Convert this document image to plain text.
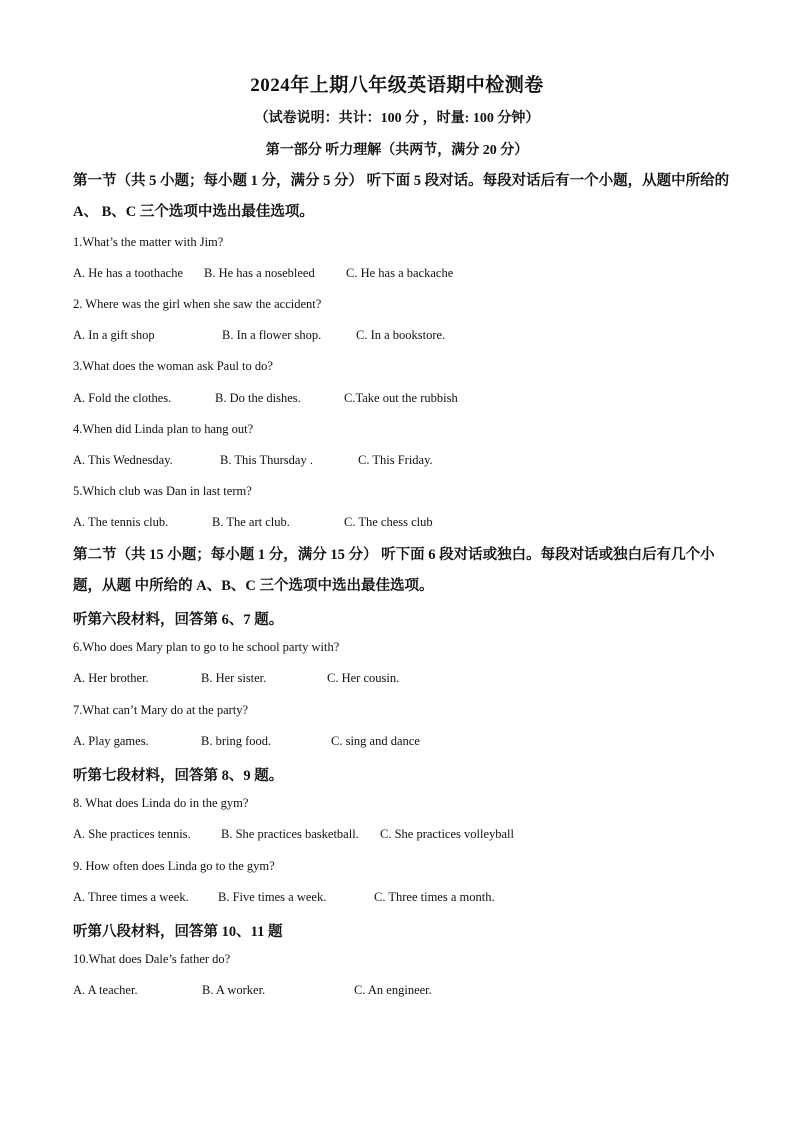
2024年上期八年级英语期中检测卷
（试卷说明：共计：100 分 ，时量: 100 分钟）
第一部分 听力理解（共两节，满分 20 分）
第一节（共 5 小题；每小题 1 分，满分 5 分） 听下面 5 段对话。每段对话后有一个小题，从题中所给的 A、 B、C 三个选项中选出最佳选项。
1.What’s the matter with Jim?
A. He has a toothache B. He has a nosebleed	C. He has a backache
2. Where was the girl when she saw the accident?
A. In a gift shop	B. In a flower shop.	C. In a bookstore.
3.What does the woman ask Paul to do?
A. Fold the clothes.	B. Do the dishes.	C.Take out the rubbish
4.When did Linda plan to hang out?
A. This Wednesday.	B. This Thursday .	C. This Friday.
5.Which club was Dan in last term?
A. The tennis club.	B. The art club.	C. The chess club
第二节（共 15 小题；每小题 1 分，满分 15 分） 听下面 6 段对话或独白。每段对话或独白后有几个小题，从题 中所给的 A、B、C 三个选项中选出最佳选项。
听第六段材料，回答第 6、7 题。
6.Who does Mary plan to go to he school party with?
A. Her brother.	B. Her sister.	C. Her cousin.
7.What can’t Mary do at the party?
A. Play games.	B. bring food.	C. sing and dance
听第七段材料，回答第 8、9 题。
8. What does Linda do in the gym?
A. She practices tennis. B. She practices basketball. C. She practices volleyball
9. How often does Linda go to the gym?
A. Three times a week. B. Five times a week.	C. Three times a month.
听第八段材料，回答第 10、11 题
10.What does Dale’s father do?
A. A teacher.	B. A worker.	C. An engineer.
